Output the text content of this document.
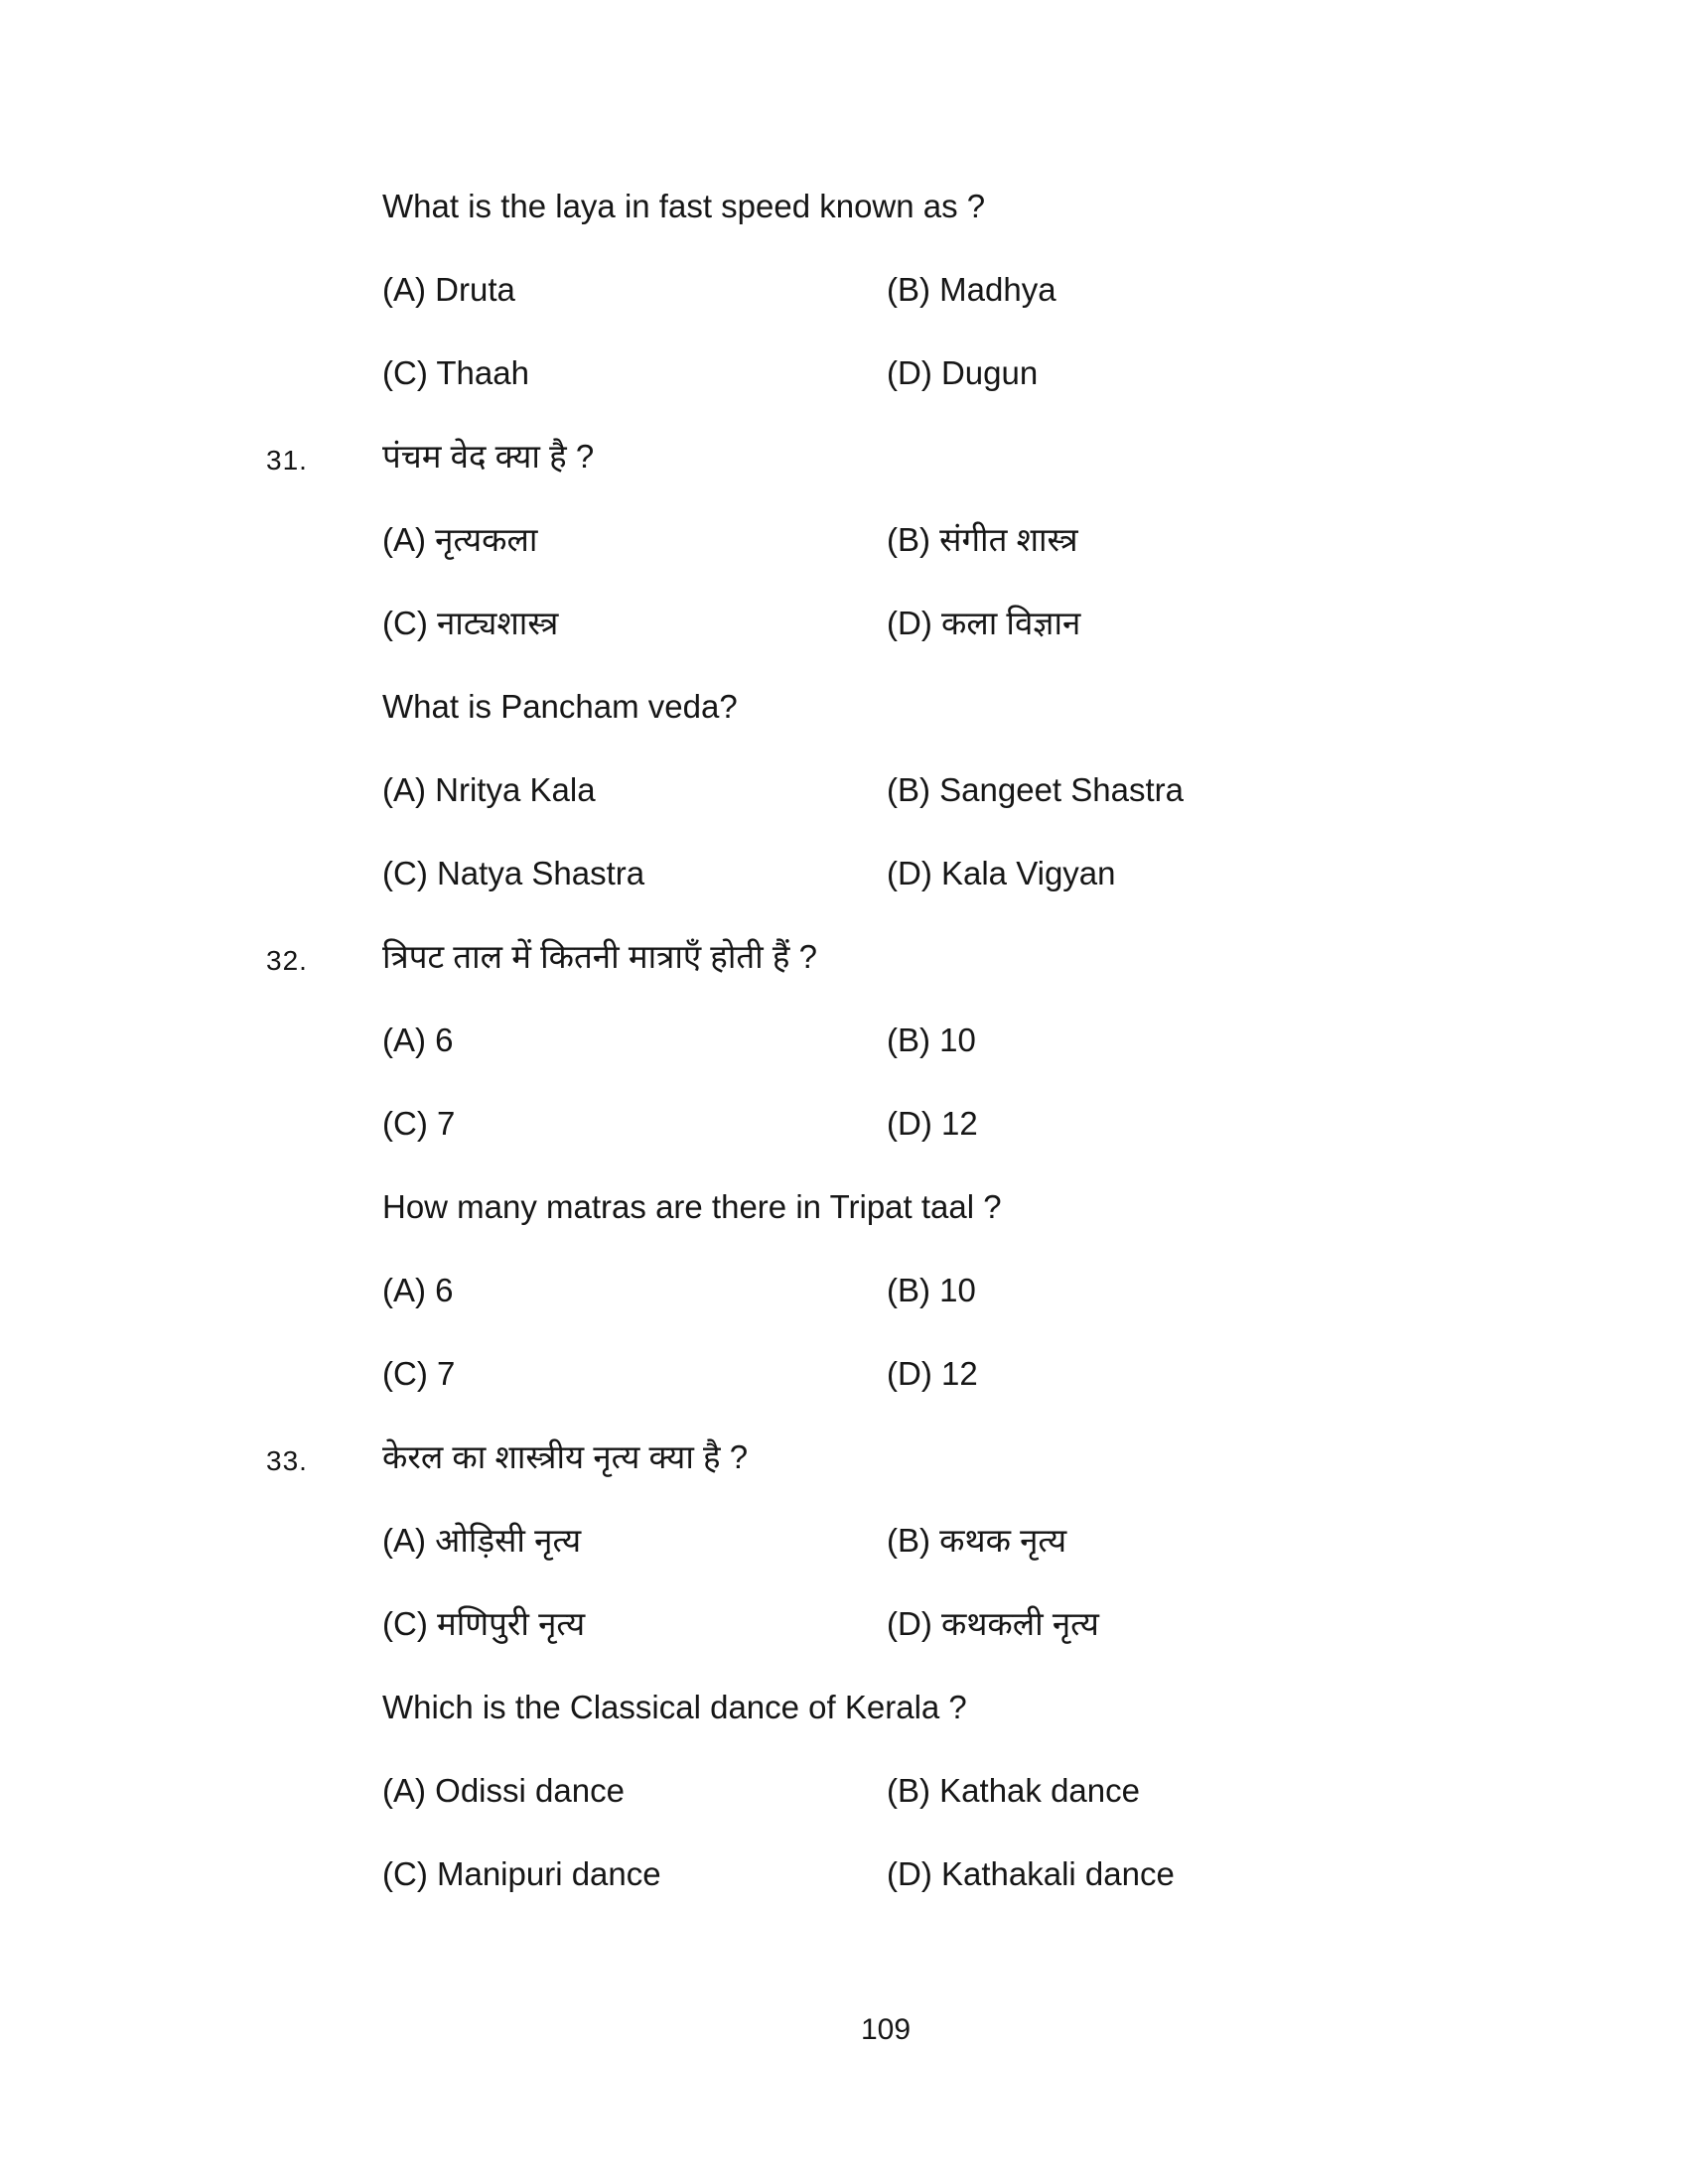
What is the laya in fast speed known as ?
(A) Druta	(B) Madhya
(C) Thaah	(D) Dugun
31. पंचम वेद क्या है ?
(A) नृत्यकला	(B) संगीत शास्त्र
(C) नाट्यशास्त्र	(D) कला विज्ञान
What is Pancham veda?
(A) Nritya Kala	(B) Sangeet Shastra
(C) Natya Shastra	(D) Kala Vigyan
32. त्रिपट ताल में कितनी मात्राएँ होती हैं ?
(A) 6	(B) 10
(C) 7	(D) 12
How many matras are there in Tripat taal ?
(A) 6	(B) 10
(C) 7	(D) 12
33. केरल का शास्त्रीय नृत्य क्या है ?
(A) ओड़िसी नृत्य	(B) कथक नृत्य
(C) मणिपुरी नृत्य	(D) कथकली नृत्य
Which is the Classical dance of Kerala ?
(A) Odissi dance	(B) Kathak dance
(C) Manipuri dance	(D) Kathakali dance
109
